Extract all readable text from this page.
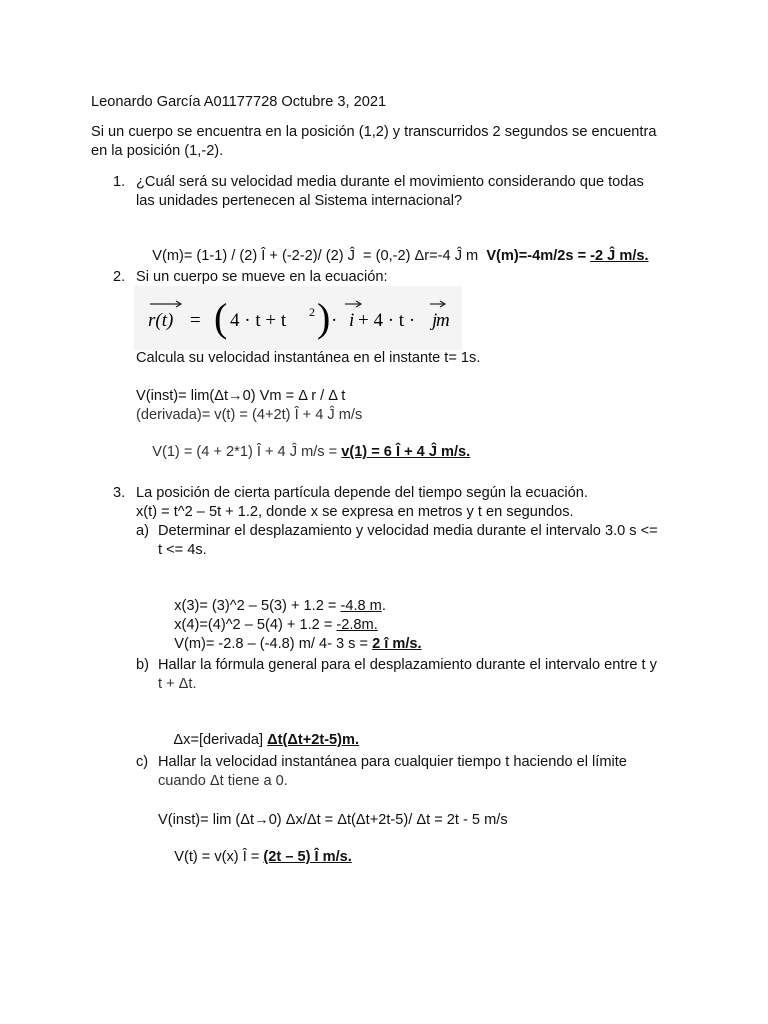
Leonardo García A01177728 Octubre 3, 2021
Si un cuerpo se encuentra en la posición (1,2) y transcurridos 2 segundos se encuentra
en la posición (1,-2).
1. ¿Cuál será su velocidad media durante el movimiento considerando que todas
las unidades pertenecen al Sistema internacional?

V(m)= (1-1) / (2) Î + (-2-2)/ (2) Ĵ  = (0,-2) Δr=-4 Ĵ m  V(m)=-4m/2s = -2 Ĵ m/s.

2. Si un cuerpo se mueve en la ecuación:
r(t) = ( 4 · t + t 2 ) · i + 4 · t · j
m
Calcula su velocidad instantánea en el instante t= 1s.
V(inst)= lim(Δt→0) Vm = Δ r / Δ t
(derivada)= v(t) = (4+2t) Î + 4 Ĵ m/s

V(1) = (4 + 2*1) Î + 4 Ĵ m/s = v(1) = 6 Î + 4 Ĵ m/s.

3. La posición de cierta partícula depende del tiempo según la ecuación.
x(t) = t^2 – 5t + 1.2, donde x se expresa en metros y t en segundos.
a) Determinar el desplazamiento y velocidad media durante el intervalo 3.0 s <=
t <= 4s.

x(3)= (3)^2 – 5(3) + 1.2 = -4.8 m.

x(4)=(4)^2 – 5(4) + 1.2 = -2.8m.

V(m)= -2.8 – (-4.8) m/ 4- 3 s = 2 î m/s.

b) Hallar la fórmula general para el desplazamiento durante el intervalo entre t y
t + Δt.

Δx=[derivada] Δt(Δt+2t-5)m.

c) Hallar la velocidad instantánea para cualquier tiempo t haciendo el límite
cuando Δt tiene a 0.
V(inst)= lim (Δt→0) Δx/Δt = Δt(Δt+2t-5)/ Δt = 2t - 5 m/s

V(t) = v(x) Î = (2t – 5) Î m/s.
